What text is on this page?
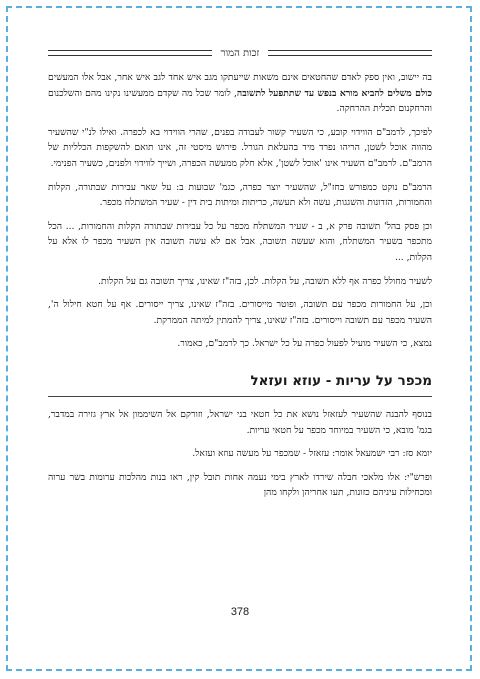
זכות המור

בה יישוב, ואין ספק לאדם שהחטאים אינם משאות שייעתקו מגב איש אחד לגב איש אחר, אבל אלו המעשים כולם משלים להביא מורא בנפש עד שתתפעל לתשובה, לומר שכל מה שקדם ממעשינו נקינו מהם והשלכנום והרחקנום תכלית ההרחקה.

לפיכך, לרמב"ם הווידוי קובע, כי השעיר קשור לעבודה בפנים, שהרי הווידוי בא לכפרה. ואילו לנ"י שהשעיר מהווה אוכל לשטן, הריהו נפרד מיד בהעלאת הגורל. פירוש מיסטי זה, אינו תואם להשקפות הכלליות של הרמב"ם. לרמב"ם השעיר אינו 'אוכל לשטן', אלא חלק ממעשה הכפרה, ושייך לווידוי ולפנים, כשעיר הפנימי.

הרמב"ם נוקט כמפורש בחז"ל, שהשעיר יוצר כפרה, כגמ' שבועות ב: על שאר עבירות שבתורה, הקלות והחמורות, הזדונות והשגגות, עשה ולא תעשה, כריתות ומיתות בית דין - שעיר המשתלח מכפר.

וכן פסק בהל' תשובה פרק א, ב - שעיר המשתלח מכפר על כל עבירות שבתורה הקלות והחמורות, ... הכל מתכפר בשעיר המשתלח, והוא שעשה תשובה, אבל אם לא עשה תשובה אין השעיר מכפר לו אלא על הקלות, ...

לשעיר מחולל כפרה אף ללא תשובה, על הקלות. לכן, בזה"ז שאינו, צריך תשובה גם על הקלות.

וכן, על החמורות מכפר עם תשובה, ופוטר מייסורים. בזה"ז שאינו, צריך ייסורים. אף על חטא חילול ה', השעיר מכפר עם תשובה וייסורים. בזה"ז שאינו, צריך להמתין למיתה הממרקת.

נמצא, כי השעיר מועיל לפעול כפרה על כל ישראל. כך לרמב"ם, כאמור.

מכפר על עריות - עוזא ועזאל

בנוסף להבנה שהשעיר לעזאזל נושא את כל חטאי בני ישראל, וזורקם אל השיממון אל ארץ גזירה במדבר, בגמ' מובא, כי השעיר במיוחד מכפר על חטאי עריות.

יומא סז: רבי ישמעאל אומר: עזאזל - שמכפר על מעשה עוזא ועזאל.

ופרש"י: אלו מלאכי חבלה שירדו לארץ בימי נעמה אחות תובל קין, ראו בנות מהלכות ערומות בשר ערוה ומכחילות עיניהם כזונות, תעו אחריהן ולקחו מהן

378
